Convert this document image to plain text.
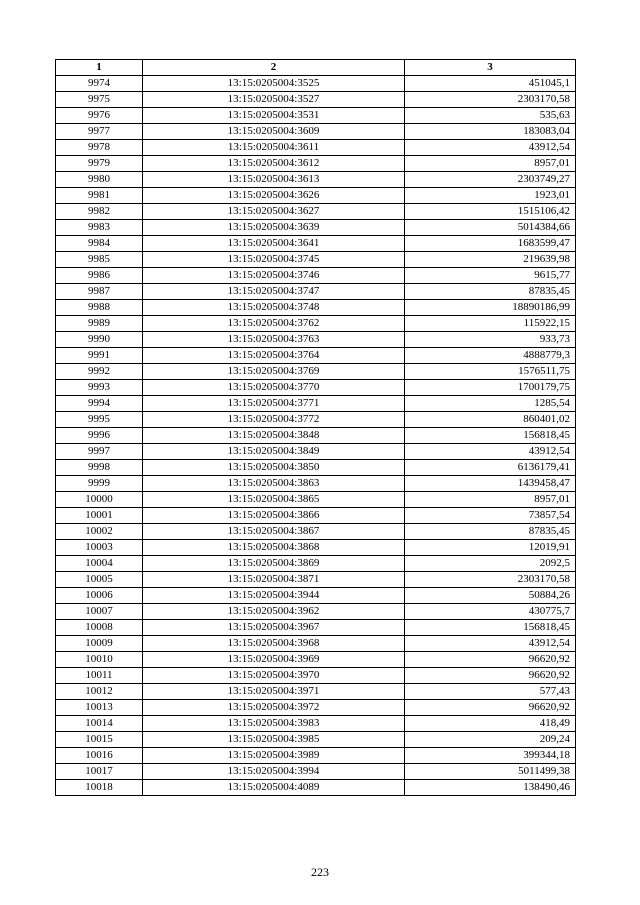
1	2	3
9974	13:15:0205004:3525	451045,1
9975	13:15:0205004:3527	2303170,58
9976	13:15:0205004:3531	535,63
9977	13:15:0205004:3609	183083,04
9978	13:15:0205004:3611	43912,54
9979	13:15:0205004:3612	8957,01
9980	13:15:0205004:3613	2303749,27
9981	13:15:0205004:3626	1923,01
9982	13:15:0205004:3627	1515106,42
9983	13:15:0205004:3639	5014384,66
9984	13:15:0205004:3641	1683599,47
9985	13:15:0205004:3745	219639,98
9986	13:15:0205004:3746	9615,77
9987	13:15:0205004:3747	87835,45
9988	13:15:0205004:3748	18890186,99
9989	13:15:0205004:3762	115922,15
9990	13:15:0205004:3763	933,73
9991	13:15:0205004:3764	4888779,3
9992	13:15:0205004:3769	1576511,75
9993	13:15:0205004:3770	1700179,75
9994	13:15:0205004:3771	1285,54
9995	13:15:0205004:3772	860401,02
9996	13:15:0205004:3848	156818,45
9997	13:15:0205004:3849	43912,54
9998	13:15:0205004:3850	6136179,41
9999	13:15:0205004:3863	1439458,47
10000	13:15:0205004:3865	8957,01
10001	13:15:0205004:3866	73857,54
10002	13:15:0205004:3867	87835,45
10003	13:15:0205004:3868	12019,91
10004	13:15:0205004:3869	2092,5
10005	13:15:0205004:3871	2303170,58
10006	13:15:0205004:3944	50884,26
10007	13:15:0205004:3962	430775,7
10008	13:15:0205004:3967	156818,45
10009	13:15:0205004:3968	43912,54
10010	13:15:0205004:3969	96620,92
10011	13:15:0205004:3970	96620,92
10012	13:15:0205004:3971	577,43
10013	13:15:0205004:3972	96620,92
10014	13:15:0205004:3983	418,49
10015	13:15:0205004:3985	209,24
10016	13:15:0205004:3989	399344,18
10017	13:15:0205004:3994	5011499,38
10018	13:15:0205004:4089	138490,46
223
